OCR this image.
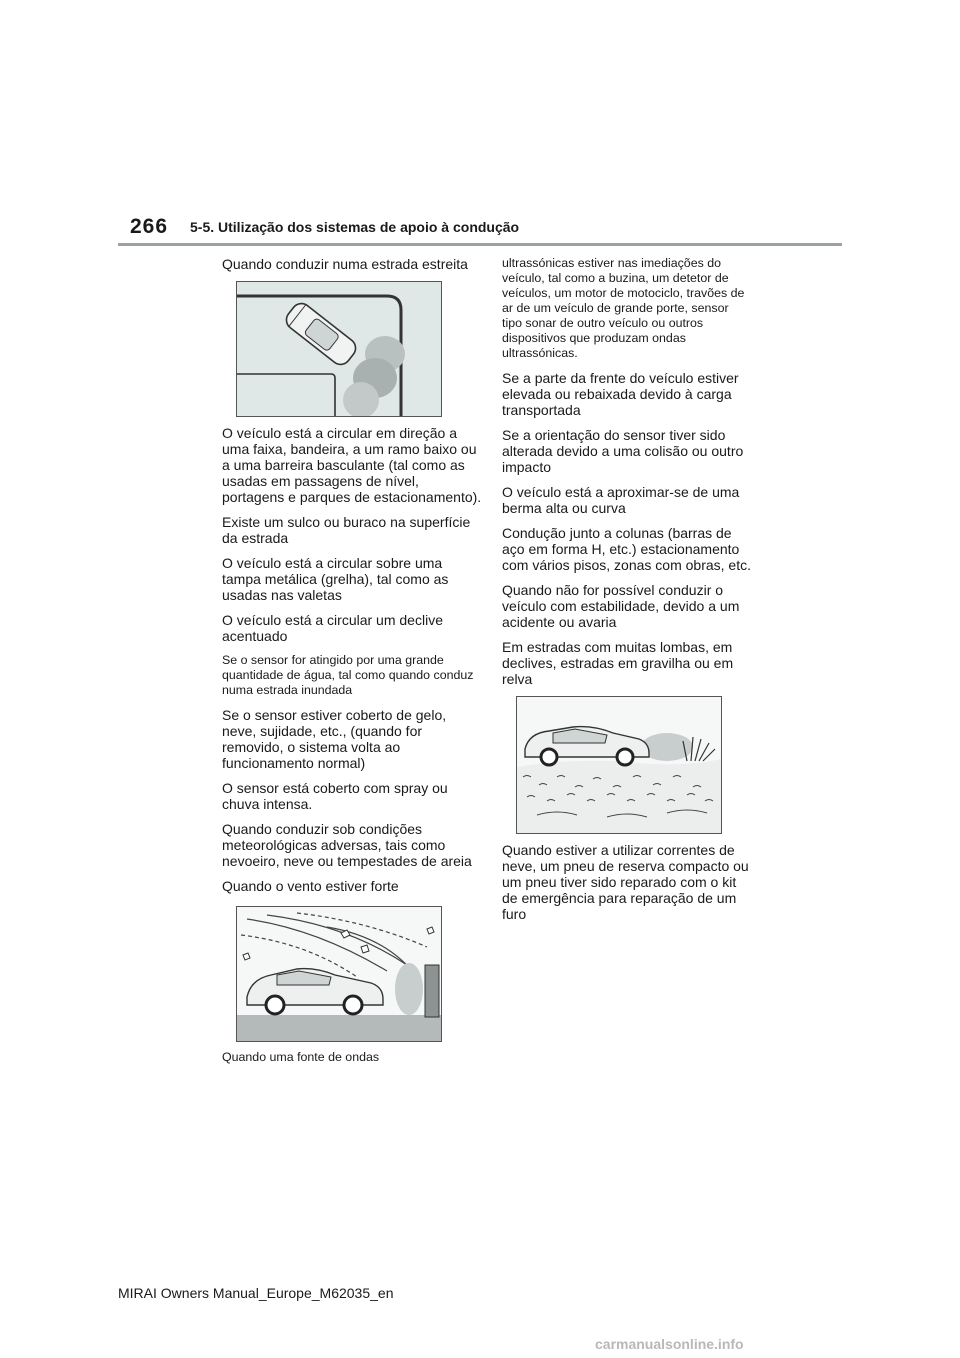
266 5-5. Utilização dos sistemas de apoio à condução

Quando conduzir numa estrada estreita

O veículo está a circular em direção a uma faixa, bandeira, a um ramo baixo ou a uma barreira basculante (tal como as usadas em passagens de nível, portagens e parques de estacionamento).

Existe um sulco ou buraco na superfície da estrada

O veículo está a circular sobre uma tampa metálica (grelha), tal como as usadas nas valetas

O veículo está a circular um declive acentuado

Se o sensor for atingido por uma grande quantidade de água, tal como quando conduz numa estrada inundada

Se o sensor estiver coberto de gelo, neve, sujidade, etc., (quando for removido, o sistema volta ao funcionamento normal)

O sensor está coberto com spray ou chuva intensa.

Quando conduzir sob condições meteorológicas adversas, tais como nevoeiro, neve ou tempestades de areia

Quando o vento estiver forte

Quando uma fonte de ondas

ultrassónicas estiver nas imediações do veículo, tal como a buzina, um detetor de veículos, um motor de motociclo, travões de ar de um veículo de grande porte, sensor tipo sonar de outro veículo ou outros dispositivos que produzam ondas ultrassónicas.

Se a parte da frente do veículo estiver elevada ou rebaixada devido à carga transportada

Se a orientação do sensor tiver sido alterada devido a uma colisão ou outro impacto

O veículo está a aproximar-se de uma berma alta ou curva

Condução junto a colunas (barras de aço em forma H, etc.) estacionamento com vários pisos, zonas com obras, etc.

Quando não for possível conduzir o veículo com estabilidade, devido a um acidente ou avaria

Em estradas com muitas lombas, em declives, estradas em gravilha ou em relva

Quando estiver a utilizar correntes de neve, um pneu de reserva compacto ou um pneu tiver sido reparado com o kit de emergência para reparação de um furo

MIRAI Owners Manual_Europe_M62035_en
carmanualsonline.info
